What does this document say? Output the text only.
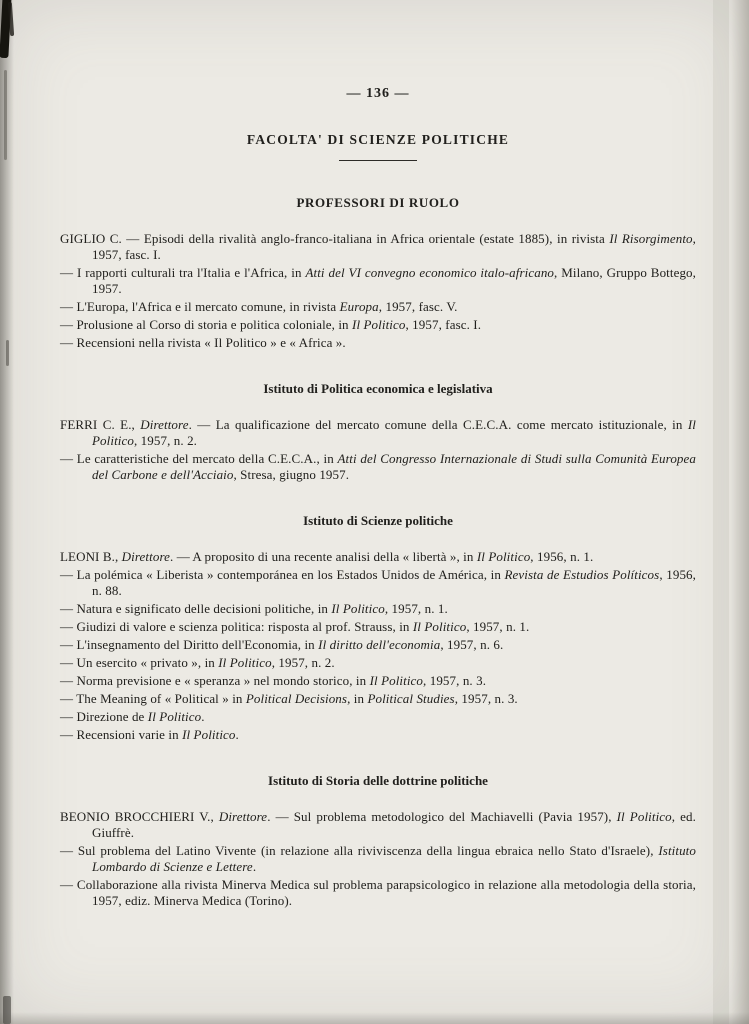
— 136 —
FACOLTA' DI SCIENZE POLITICHE
PROFESSORI DI RUOLO

GIGLIO C. — Episodi della rivalità anglo-franco-italiana in Africa orientale (estate 1885), in rivista Il Risorgimento, 1957, fasc. I.

— I rapporti culturali tra l'Italia e l'Africa, in Atti del VI convegno economico italo-africano, Milano, Gruppo Bottego, 1957.

— L'Europa, l'Africa e il mercato comune, in rivista Europa, 1957, fasc. V.

— Prolusione al Corso di storia e politica coloniale, in Il Politico, 1957, fasc. I.

— Recensioni nella rivista « Il Politico » e « Africa ».

Istituto di Politica economica e legislativa

FERRI C. E., Direttore. — La qualificazione del mercato comune della C.E.C.A. come mercato istituzionale, in Il Politico, 1957, n. 2.

— Le caratteristiche del mercato della C.E.C.A., in Atti del Congresso Internazionale di Studi sulla Comunità Europea del Carbone e dell'Acciaio, Stresa, giugno 1957.

Istituto di Scienze politiche

LEONI B., Direttore. — A proposito di una recente analisi della « libertà », in Il Politico, 1956, n. 1.

— La polémica « Liberista » contemporánea en los Estados Unidos de América, in Revista de Estudios Políticos, 1956, n. 88.

— Natura e significato delle decisioni politiche, in Il Politico, 1957, n. 1.

— Giudizi di valore e scienza politica: risposta al prof. Strauss, in Il Politico, 1957, n. 1.

— L'insegnamento del Diritto dell'Economia, in Il diritto dell'economia, 1957, n. 6.

— Un esercito « privato », in Il Politico, 1957, n. 2.

— Norma previsione e « speranza » nel mondo storico, in Il Politico, 1957, n. 3.

— The Meaning of « Political » in Political Decisions, in Political Studies, 1957, n. 3.

— Direzione de Il Politico.

— Recensioni varie in Il Politico.

Istituto di Storia delle dottrine politiche

BEONIO BROCCHIERI V., Direttore. — Sul problema metodologico del Machiavelli (Pavia 1957), Il Politico, ed. Giuffrè.

— Sul problema del Latino Vivente (in relazione alla riviviscenza della lingua ebraica nello Stato d'Israele), Istituto Lombardo di Scienze e Lettere.

— Collaborazione alla rivista Minerva Medica sul problema parapsicologico in relazione alla metodologia della storia, 1957, ediz. Minerva Medica (Torino).
